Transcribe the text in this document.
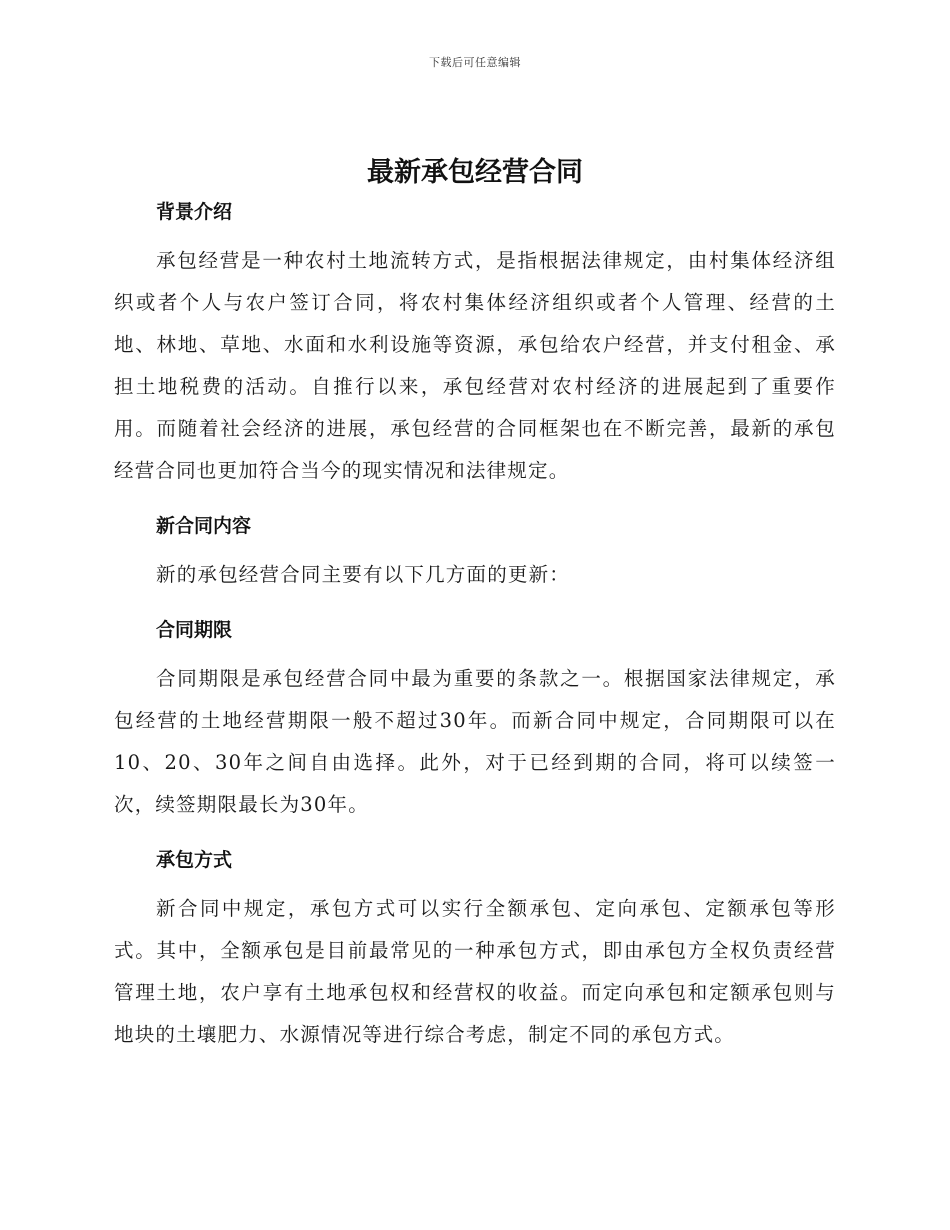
下载后可任意编辑
最新承包经营合同
背景介绍

承包经营是一种农村土地流转方式，是指根据法律规定，由村集体经济组织或者个人与农户签订合同，将农村集体经济组织或者个人管理、经营的土地、林地、草地、水面和水利设施等资源，承包给农户经营，并支付租金、承担土地税费的活动。自推行以来，承包经营对农村经济的进展起到了重要作用。而随着社会经济的进展，承包经营的合同框架也在不断完善，最新的承包经营合同也更加符合当今的现实情况和法律规定。

新合同内容

新的承包经营合同主要有以下几方面的更新：

合同期限

合同期限是承包经营合同中最为重要的条款之一。根据国家法律规定，承包经营的土地经营期限一般不超过30年。而新合同中规定，合同期限可以在10、20、30年之间自由选择。此外，对于已经到期的合同，将可以续签一次，续签期限最长为30年。

承包方式

新合同中规定，承包方式可以实行全额承包、定向承包、定额承包等形式。其中，全额承包是目前最常见的一种承包方式，即由承包方全权负责经营管理土地，农户享有土地承包权和经营权的收益。而定向承包和定额承包则与地块的土壤肥力、水源情况等进行综合考虑，制定不同的承包方式。
